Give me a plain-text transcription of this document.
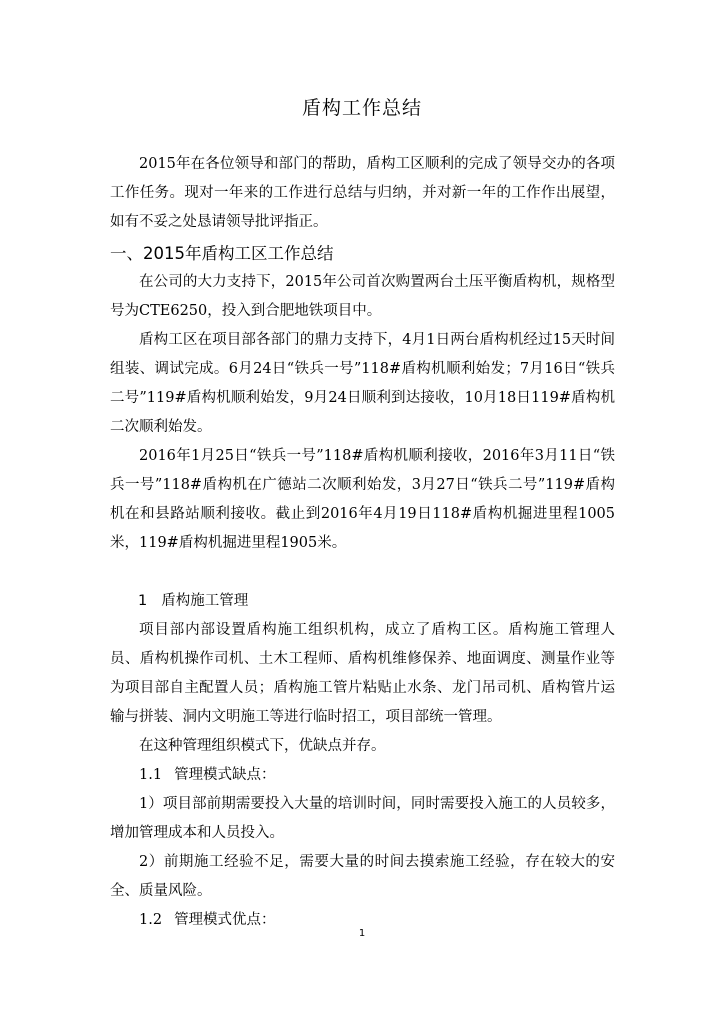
盾构工作总结

2015年在各位领导和部门的帮助，盾构工区顺利的完成了领导交办的各项工作任务。现对一年来的工作进行总结与归纳，并对新一年的工作作出展望，如有不妥之处恳请领导批评指正。

一、2015年盾构工区工作总结

在公司的大力支持下，2015年公司首次购置两台土压平衡盾构机，规格型号为CTE6250，投入到合肥地铁项目中。

盾构工区在项目部各部门的鼎力支持下，4月1日两台盾构机经过15天时间组装、调试完成。6月24日“铁兵一号”118#盾构机顺利始发；7月16日“铁兵二号”119#盾构机顺利始发，9月24日顺利到达接收，10月18日119#盾构机二次顺利始发。

2016年1月25日“铁兵一号”118#盾构机顺利接收，2016年3月11日“铁兵一号”118#盾构机在广德站二次顺利始发，3月27日“铁兵二号”119#盾构机在和县路站顺利接收。截止到2016年4月19日118#盾构机掘进里程1005米，119#盾构机掘进里程1905米。

1 盾构施工管理

项目部内部设置盾构施工组织机构，成立了盾构工区。盾构施工管理人员、盾构机操作司机、土木工程师、盾构机维修保养、地面调度、测量作业等为项目部自主配置人员；盾构施工管片粘贴止水条、龙门吊司机、盾构管片运输与拼装、洞内文明施工等进行临时招工，项目部统一管理。

在这种管理组织模式下，优缺点并存。

1.1 管理模式缺点：

1）项目部前期需要投入大量的培训时间，同时需要投入施工的人员较多，增加管理成本和人员投入。

2）前期施工经验不足，需要大量的时间去摸索施工经验，存在较大的安全、质量风险。

1.2 管理模式优点：
1
